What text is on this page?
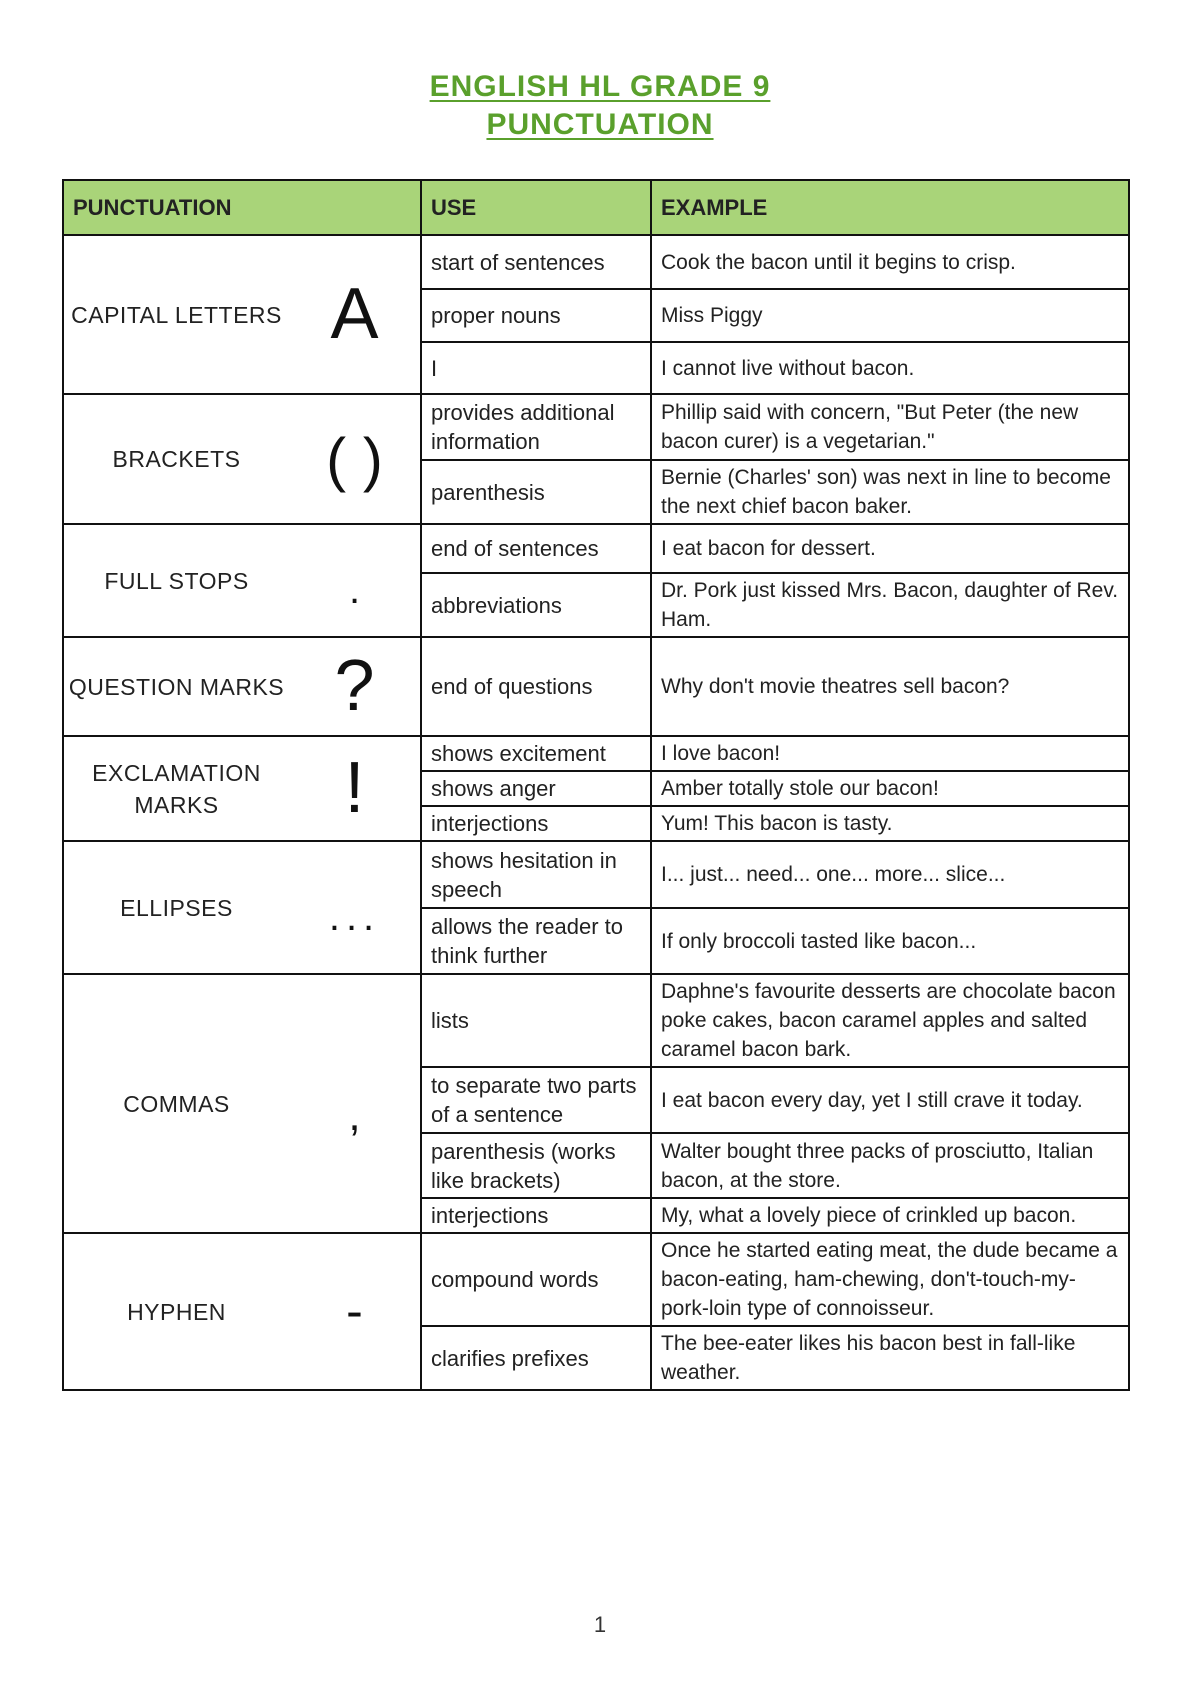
ENGLISH HL GRADE 9
PUNCTUATION
PUNCTUATION	USE	EXAMPLE

CAPITAL LETTERS A	start of sentences	Cook the bacon until it begins to crisp.
	proper nouns	Miss Piggy
	I	I cannot live without bacon.

BRACKETS ( )	provides additional information	Phillip said with concern, "But Peter (the new bacon curer) is a vegetarian."
	parenthesis	Bernie (Charles' son) was next in line to become the next chief bacon baker.

FULL STOPS .	end of sentences	I eat bacon for dessert.
	abbreviations	Dr. Pork just kissed Mrs. Bacon, daughter of Rev. Ham.

QUESTION MARKS ?	end of questions	Why don't movie theatres sell bacon?

EXCLAMATION MARKS !	shows excitement	I love bacon!
	shows anger	Amber totally stole our bacon!
	interjections	Yum! This bacon is tasty.

ELLIPSES ...	shows hesitation in speech	I... just... need... one... more... slice...
	allows the reader to think further	If only broccoli tasted like bacon...

COMMAS ,	lists	Daphne's favourite desserts are chocolate bacon poke cakes, bacon caramel apples and salted caramel bacon bark.
	to separate two parts of a sentence	I eat bacon every day, yet I still crave it today.
	parenthesis (works like brackets)	Walter bought three packs of prosciutto, Italian bacon, at the store.
	interjections	My, what a lovely piece of crinkled up bacon.

HYPHEN -	compound words	Once he started eating meat, the dude became a bacon-eating, ham-chewing, don't-touch-my-pork-loin type of connoisseur.
	clarifies prefixes	The bee-eater likes his bacon best in fall-like weather.
1
